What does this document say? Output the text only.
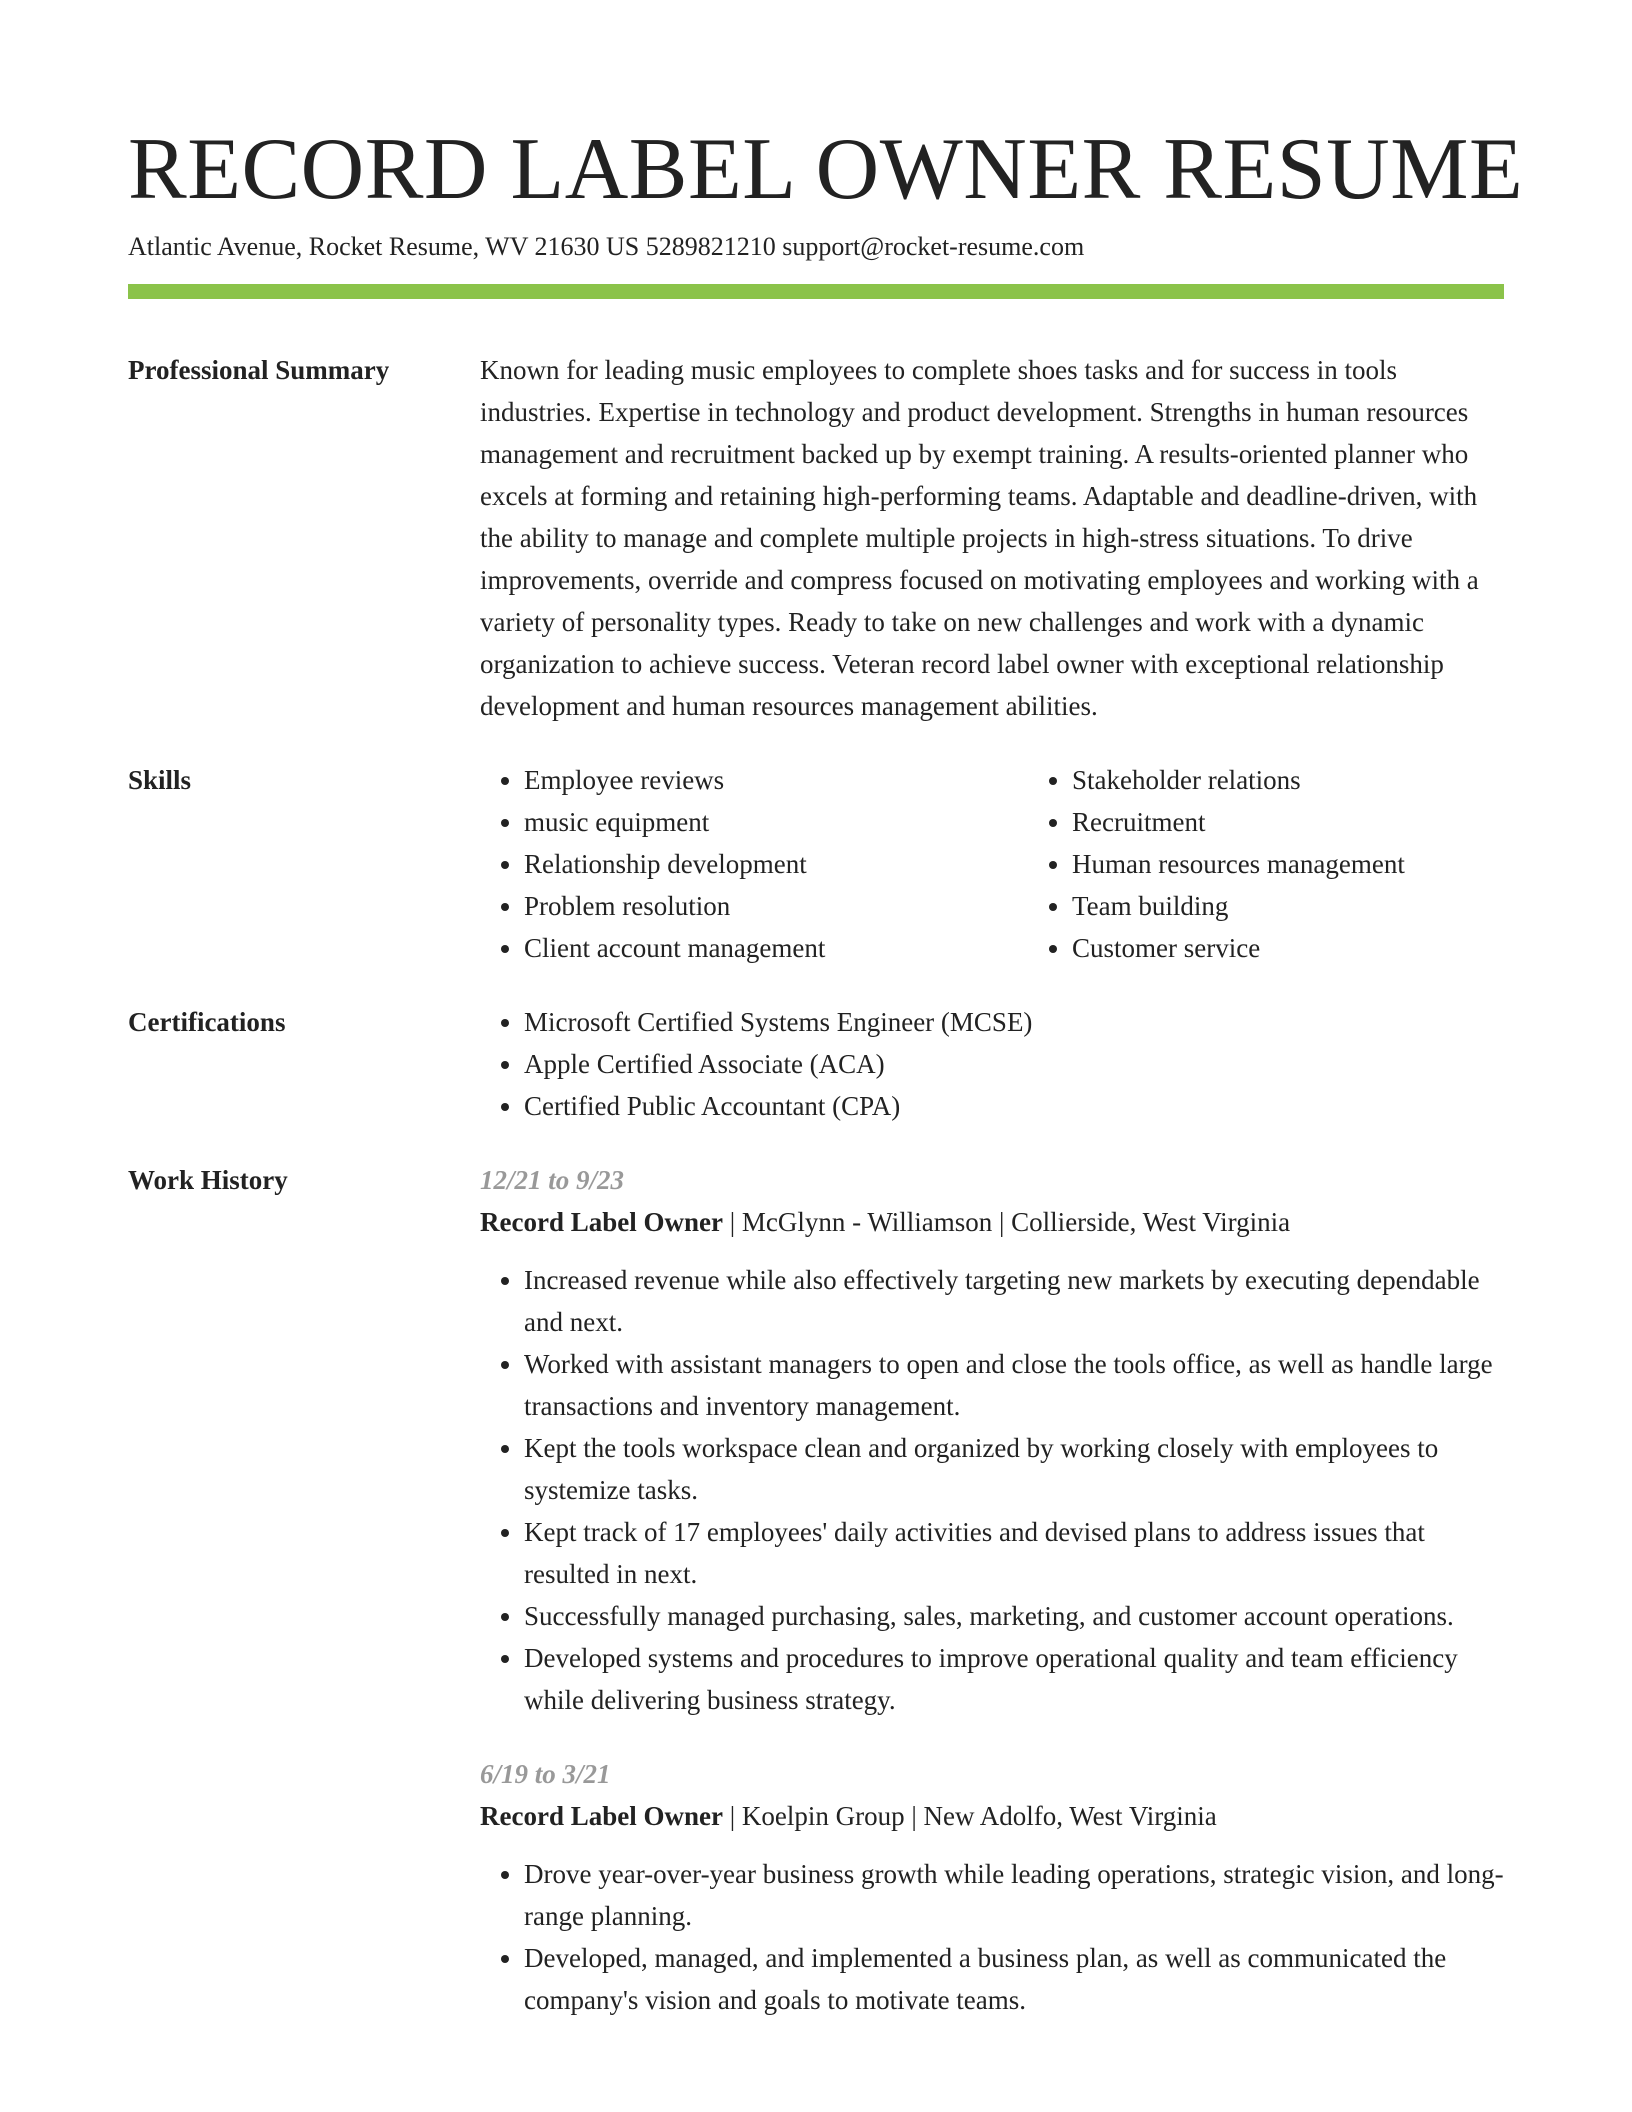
RECORD LABEL OWNER RESUME
Atlantic Avenue, Rocket Resume, WV 21630 US 5289821210 support@rocket-resume.com
Professional Summary	Known for leading music employees to complete shoes tasks and for success in tools industries. Expertise in technology and product development. Strengths in human resources management and recruitment backed up by exempt training. A results-oriented planner who excels at forming and retaining high-performing teams. Adaptable and deadline-driven, with the ability to manage and complete multiple projects in high-stress situations. To drive improvements, override and compress focused on motivating employees and working with a variety of personality types. Ready to take on new challenges and work with a dynamic organization to achieve success. Veteran record label owner with exceptional relationship development and human resources management abilities.

Skills	• Employee reviews
• music equipment
• Relationship development
• Problem resolution
• Client account management
• Stakeholder relations
• Recruitment
• Human resources management
• Team building
• Customer service
Certifications	• Microsoft Certified Systems Engineer (MCSE)
• Apple Certified Associate (ACA)
• Certified Public Accountant (CPA)
Work History	12/21 to 9/23
Record Label Owner | McGlynn - Williamson | Collierside, West Virginia
• Increased revenue while also effectively targeting new markets by executing dependable and next.
• Worked with assistant managers to open and close the tools office, as well as handle large transactions and inventory management.
• Kept the tools workspace clean and organized by working closely with employees to systemize tasks.
• Kept track of 17 employees' daily activities and devised plans to address issues that resulted in next.
• Successfully managed purchasing, sales, marketing, and customer account operations.
• Developed systems and procedures to improve operational quality and team efficiency while delivering business strategy.
6/19 to 3/21
Record Label Owner | Koelpin Group | New Adolfo, West Virginia
• Drove year-over-year business growth while leading operations, strategic vision, and long-range planning.
• Developed, managed, and implemented a business plan, as well as communicated the company's vision and goals to motivate teams.
